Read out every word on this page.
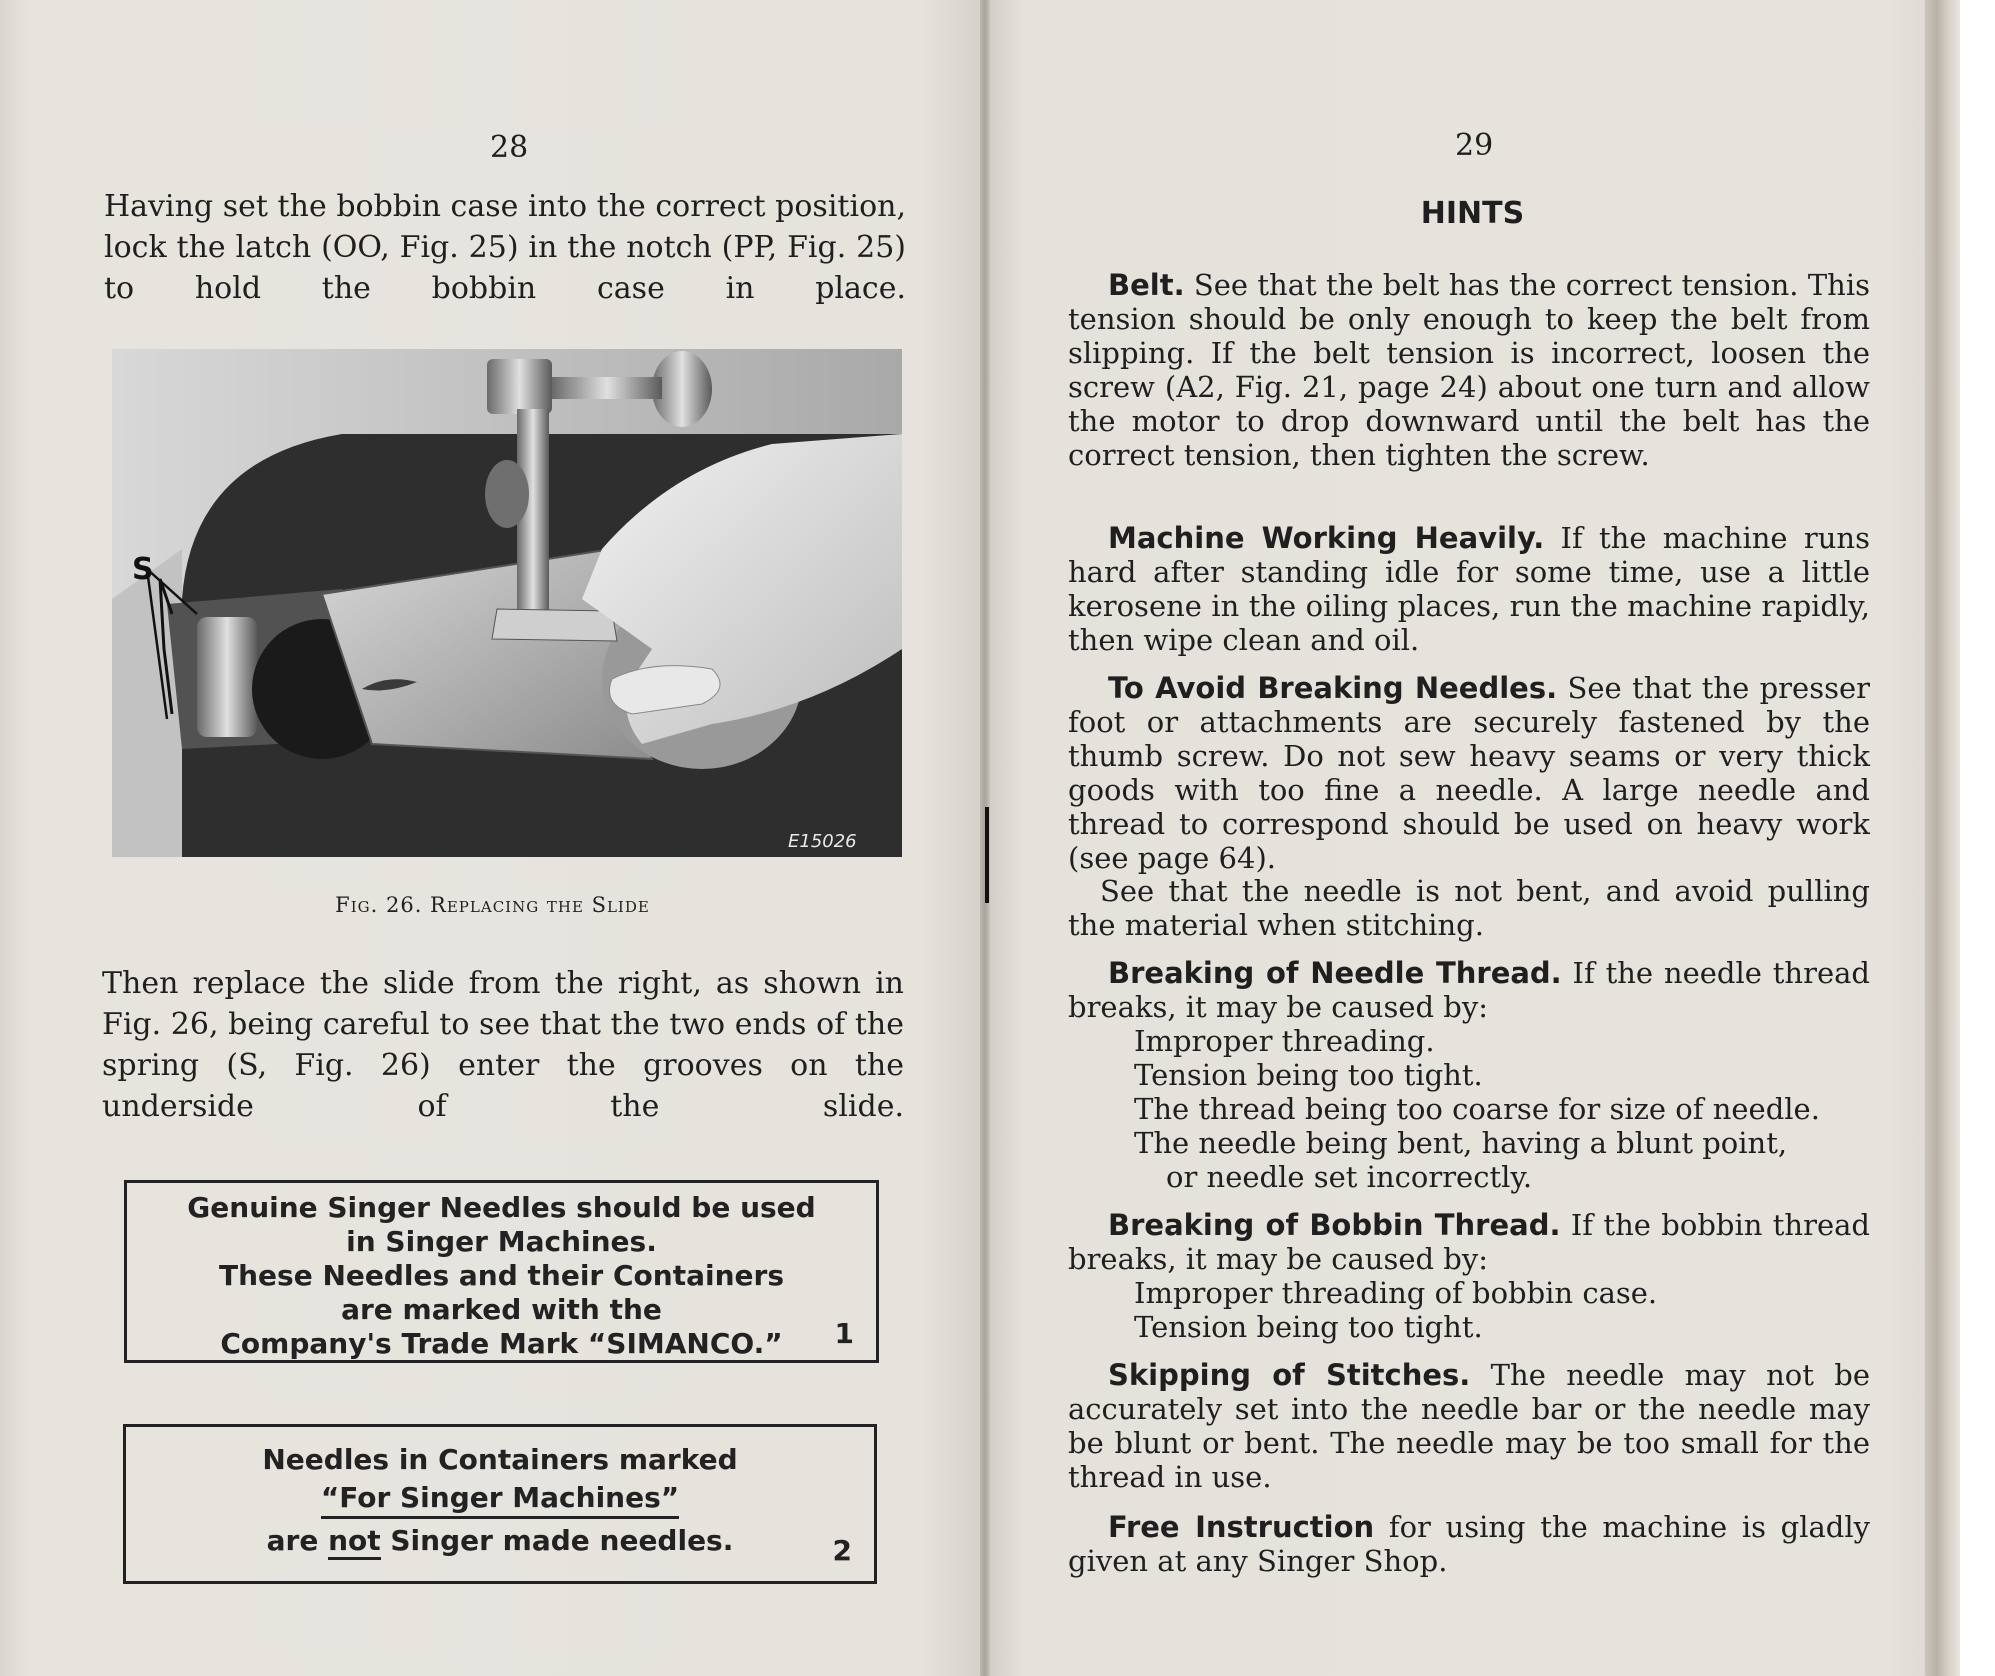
28

Having set the bobbin case into the correct position, lock the latch (OO, Fig. 25) in the notch (PP, Fig. 25) to hold the bobbin case in place.

S
E15026
Fig. 26. Replacing the Slide

Then replace the slide from the right, as shown in Fig. 26, being careful to see that the two ends of the spring (S, Fig. 26) enter the grooves on the underside of the slide.

Genuine Singer Needles should be used
in Singer Machines.
These Needles and their Containers
are marked with the
Company's Trade Mark “SIMANCO.”	1
Needles in Containers marked
“For Singer Machines”
are not Singer made needles.	2
29
HINTS

Belt. See that the belt has the correct tension. This tension should be only enough to keep the belt from slipping. If the belt tension is incorrect, loosen the screw (A2, Fig. 21, page 24) about one turn and allow the motor to drop downward until the belt has the correct tension, then tighten the screw.

Machine Working Heavily. If the machine runs hard after standing idle for some time, use a little kerosene in the oiling places, run the machine rapidly, then wipe clean and oil.

To Avoid Breaking Needles. See that the presser foot or attachments are securely fastened by the thumb screw. Do not sew heavy seams or very thick goods with too fine a needle. A large needle and thread to correspond should be used on heavy work (see page 64).

See that the needle is not bent, and avoid pulling the material when stitching.

Breaking of Needle Thread. If the needle thread breaks, it may be caused by:
Improper threading.
Tension being too tight.
The thread being too coarse for size of needle.
The needle being bent, having a blunt point,
or needle set incorrectly.
Breaking of Bobbin Thread. If the bobbin thread breaks, it may be caused by:
Improper threading of bobbin case.
Tension being too tight.

Skipping of Stitches. The needle may not be accurately set into the needle bar or the needle may be blunt or bent. The needle may be too small for the thread in use.

Free Instruction for using the machine is gladly given at any Singer Shop.
